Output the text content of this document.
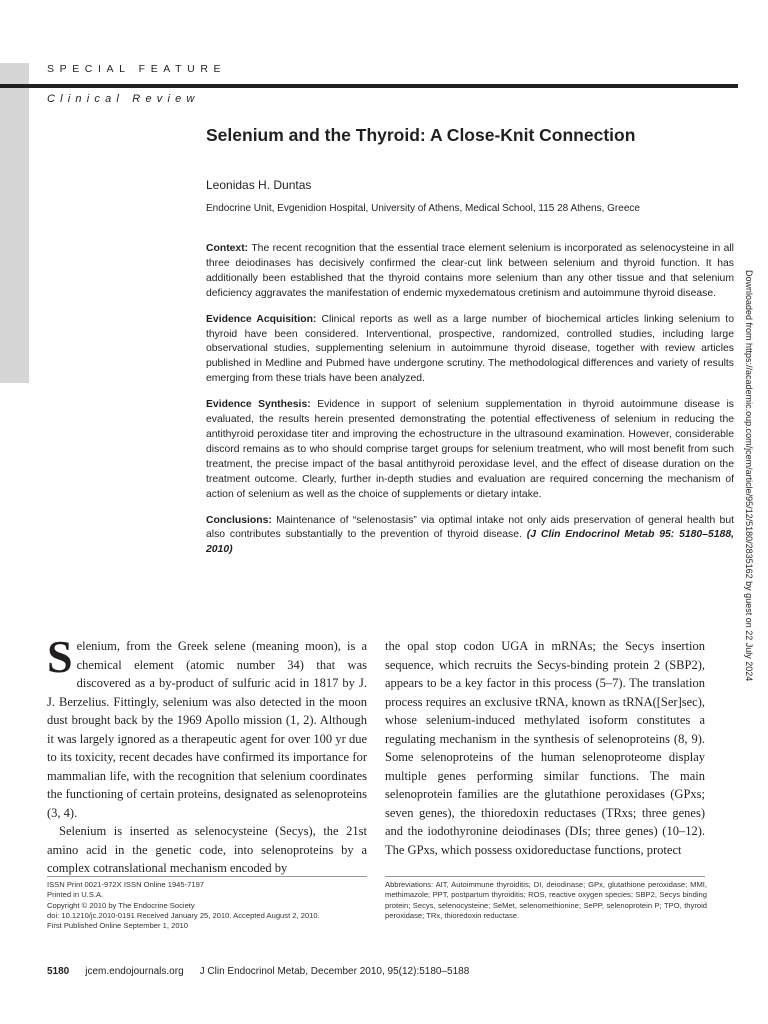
SPECIAL FEATURE
Clinical Review
Selenium and the Thyroid: A Close-Knit Connection
Leonidas H. Duntas
Endocrine Unit, Evgenidion Hospital, University of Athens, Medical School, 115 28 Athens, Greece

Context: The recent recognition that the essential trace element selenium is incorporated as selenocysteine in all three deiodinases has decisively confirmed the clear-cut link between selenium and thyroid function. It has additionally been established that the thyroid contains more selenium than any other tissue and that selenium deficiency aggravates the manifestation of endemic myxedematous cretinism and autoimmune thyroid disease.

Evidence Acquisition: Clinical reports as well as a large number of biochemical articles linking selenium to thyroid have been considered. Interventional, prospective, randomized, controlled studies, including large observational studies, supplementing selenium in autoimmune thyroid disease, together with review articles published in Medline and Pubmed have undergone scrutiny. The methodological differences and variety of results emerging from these trials have been analyzed.

Evidence Synthesis: Evidence in support of selenium supplementation in thyroid autoimmune disease is evaluated, the results herein presented demonstrating the potential effectiveness of selenium in reducing the antithyroid peroxidase titer and improving the echostructure in the ultrasound examination. However, considerable discord remains as to who should comprise target groups for selenium treatment, who will most benefit from such treatment, the precise impact of the basal antithyroid peroxidase level, and the effect of disease duration on the treatment outcome. Clearly, further in-depth studies and evaluation are required concerning the mechanism of action of selenium as well as the choice of supplements or dietary intake.

Conclusions: Maintenance of “selenostasis” via optimal intake not only aids preservation of general health but also contributes substantially to the prevention of thyroid disease. (J Clin Endocrinol Metab 95: 5180–5188, 2010)

Selenium, from the Greek selene (meaning moon), is a chemical element (atomic number 34) that was discovered as a by-product of sulfuric acid in 1817 by J. J. Berzelius. Fittingly, selenium was also detected in the moon dust brought back by the 1969 Apollo mission (1, 2). Although it was largely ignored as a therapeutic agent for over 100 yr due to its toxicity, recent decades have confirmed its importance for mammalian life, with the recognition that selenium coordinates the functioning of certain proteins, designated as selenoproteins (3, 4).

Selenium is inserted as selenocysteine (Secys), the 21st amino acid in the genetic code, into selenoproteins by a complex cotranslational mechanism encoded by

the opal stop codon UGA in mRNAs; the Secys insertion sequence, which recruits the Secys-binding protein 2 (SBP2), appears to be a key factor in this process (5–7). The translation process requires an exclusive tRNA, known as tRNA([Ser]sec), whose selenium-induced methylated isoform constitutes a regulating mechanism in the synthesis of selenoproteins (8, 9). Some selenoproteins of the human selenoproteome display multiple genes performing similar functions. The main selenoprotein families are the glutathione peroxidases (GPxs; seven genes), the thioredoxin reductases (TRxs; three genes) and the iodothyronine deiodinases (DIs; three genes) (10–12). The GPxs, which possess oxidoreductase functions, protect

ISSN Print 0021-972X ISSN Online 1945-7197
Printed in U.S.A.
Copyright © 2010 by The Endocrine Society
doi: 10.1210/jc.2010-0191 Received January 25, 2010. Accepted August 2, 2010.
First Published Online September 1, 2010
Abbreviations: AIT, Autoimmune thyroiditis; DI, deiodinase; GPx, glutathione peroxidase; MMI, methimazole; PPT, postpartum thyroiditis; ROS, reactive oxygen species; SBP2, Secys binding protein; Secys, selenocysteine; SeMet, selenomethionine; SePP, selenoprotein P; TPO, thyroid peroxidase; TRx, thioredoxin reductase.
5180 jcem.endojournals.org J Clin Endocrinol Metab, December 2010, 95(12):5180–5188
Downloaded from https://academic.oup.com/jcem/article/95/12/5180/2835162 by guest on 22 July 2024
